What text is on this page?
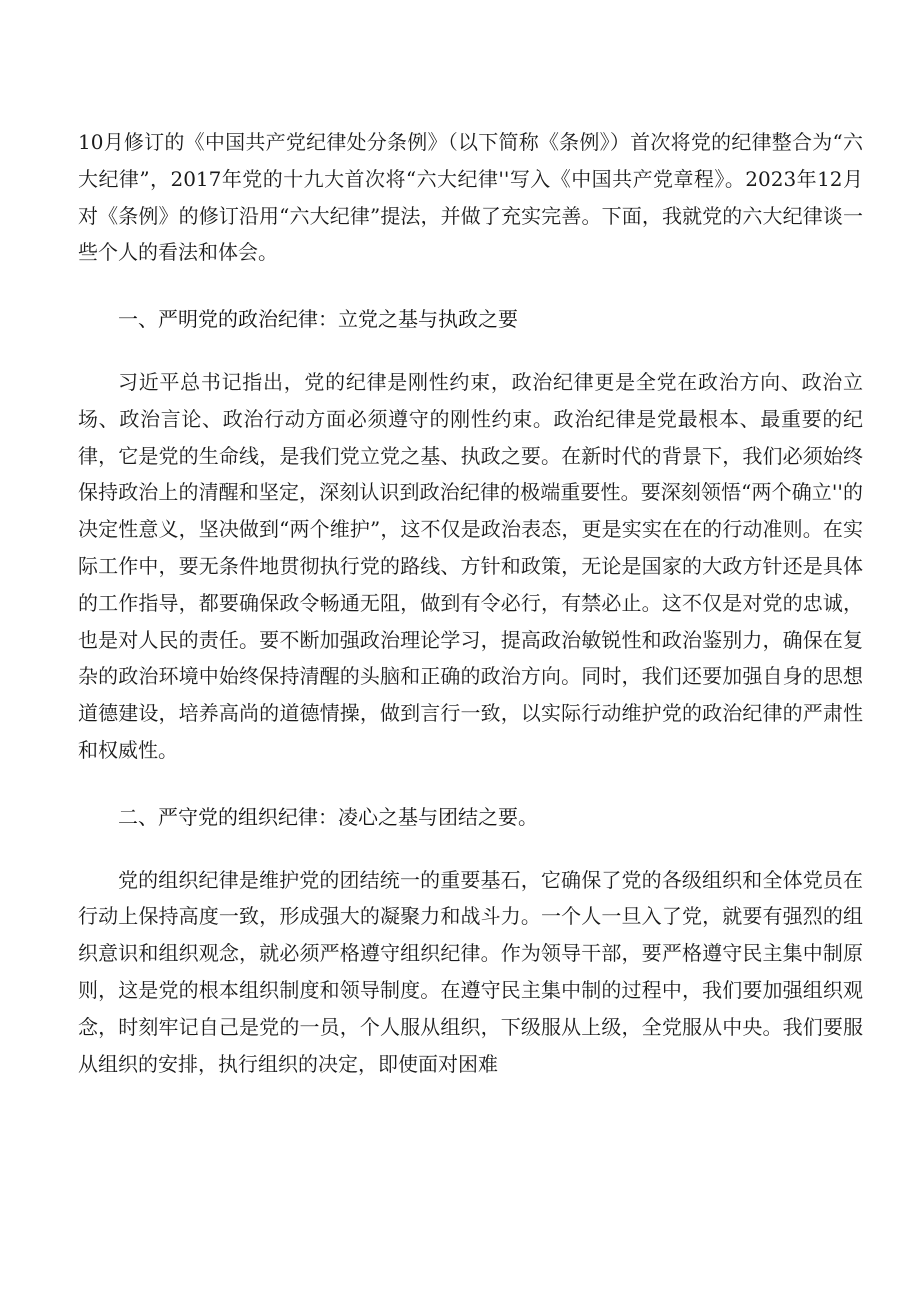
10月修订的《中国共产党纪律处分条例》（以下简称《条例》）首次将党的纪律整合为“六大纪律”，2017年党的十九大首次将“六大纪律''写入《中国共产党章程》。2023年12月对《条例》的修订沿用“六大纪律”提法，并做了充实完善。下面，我就党的六大纪律谈一些个人的看法和体会。

一、严明党的政治纪律：立党之基与执政之要

习近平总书记指出，党的纪律是刚性约束，政治纪律更是全党在政治方向、政治立场、政治言论、政治行动方面必须遵守的刚性约束。政治纪律是党最根本、最重要的纪律，它是党的生命线，是我们党立党之基、执政之要。在新时代的背景下，我们必须始终保持政治上的清醒和坚定，深刻认识到政治纪律的极端重要性。要深刻领悟“两个确立''的决定性意义，坚决做到“两个维护”，这不仅是政治表态，更是实实在在的行动准则。在实际工作中，要无条件地贯彻执行党的路线、方针和政策，无论是国家的大政方针还是具体的工作指导，都要确保政令畅通无阻，做到有令必行，有禁必止。这不仅是对党的忠诚，也是对人民的责任。要不断加强政治理论学习，提高政治敏锐性和政治鉴别力，确保在复杂的政治环境中始终保持清醒的头脑和正确的政治方向。同时，我们还要加强自身的思想道德建设，培养高尚的道德情操，做到言行一致，以实际行动维护党的政治纪律的严肃性和权威性。

二、严守党的组织纪律：凌心之基与团结之要。

党的组织纪律是维护党的团结统一的重要基石，它确保了党的各级组织和全体党员在行动上保持高度一致，形成强大的凝聚力和战斗力。一个人一旦入了党，就要有强烈的组织意识和组织观念，就必须严格遵守组织纪律。作为领导干部，要严格遵守民主集中制原则，这是党的根本组织制度和领导制度。在遵守民主集中制的过程中，我们要加强组织观念，时刻牢记自己是党的一员，个人服从组织，下级服从上级，全党服从中央。我们要服从组织的安排，执行组织的决定，即使面对困难
